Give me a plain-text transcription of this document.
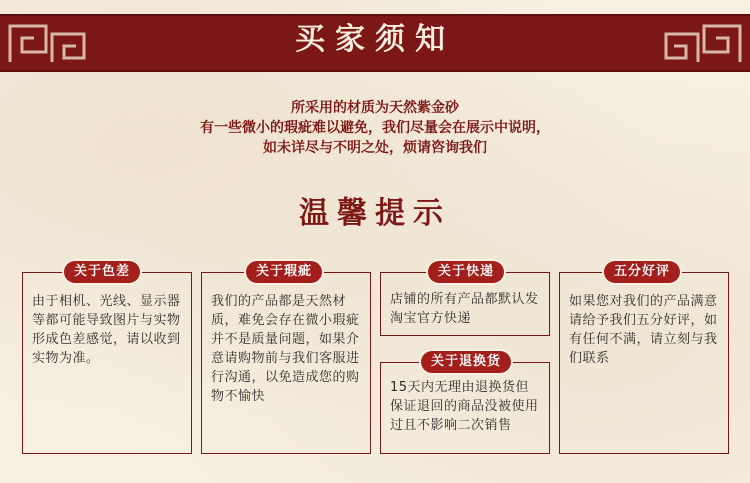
买家须知
所采用的材质为天然紫金砂
有一些微小的瑕疵难以避免，我们尽量会在展示中说明，
如未详尽与不明之处，烦请咨询我们
温馨提示
关于色差
由于相机、光线、显示器等都可能导致图片与实物形成色差感觉，请以收到实物为准。
关于瑕疵
我们的产品都是天然材质，难免会存在微小瑕疵并不是质量问题，如果介意请购物前与我们客服进行沟通，以免造成您的购物不愉快
关于快递
店铺的所有产品都默认发淘宝官方快递
关于退换货
15天内无理由退换货但保证退回的商品没被使用过且不影响二次销售
五分好评
如果您对我们的产品满意请给予我们五分好评，如有任何不满，请立刻与我们联系
